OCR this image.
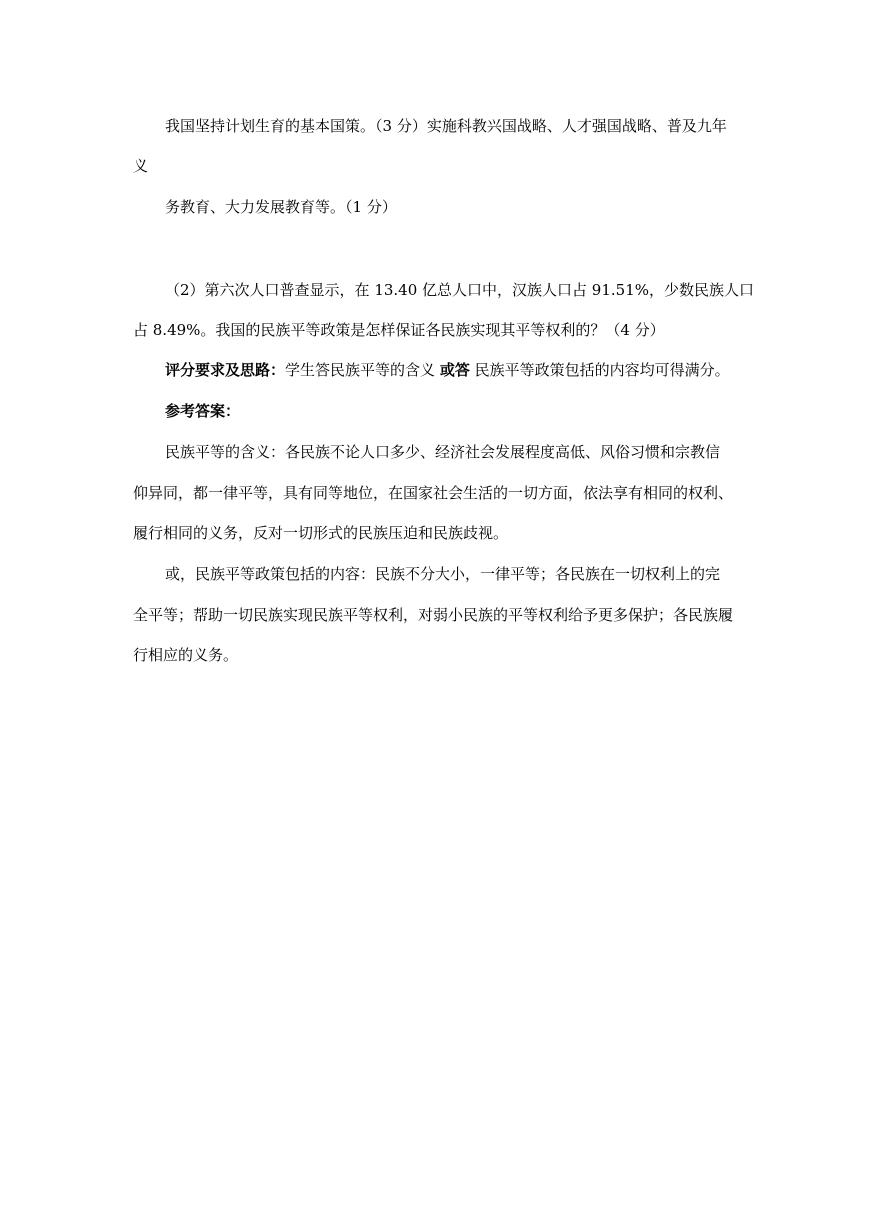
我国坚持计划生育的基本国策。（3 分）实施科教兴国战略、人才强国战略、普及九年
义
务教育、大力发展教育等。（1 分）
（2）第六次人口普查显示，在 13.40 亿总人口中，汉族人口占 91.51%，少数民族人口
占 8.49%。我国的民族平等政策是怎样保证各民族实现其平等权利的？（4 分）
评分要求及思路：学生答民族平等的含义 或答 民族平等政策包括的内容均可得满分。
参考答案：
民族平等的含义：各民族不论人口多少、经济社会发展程度高低、风俗习惯和宗教信
仰异同，都一律平等，具有同等地位，在国家社会生活的一切方面，依法享有相同的权利、
履行相同的义务，反对一切形式的民族压迫和民族歧视。
或，民族平等政策包括的内容：民族不分大小，一律平等；各民族在一切权利上的完
全平等；帮助一切民族实现民族平等权利，对弱小民族的平等权利给予更多保护；各民族履
行相应的义务。
